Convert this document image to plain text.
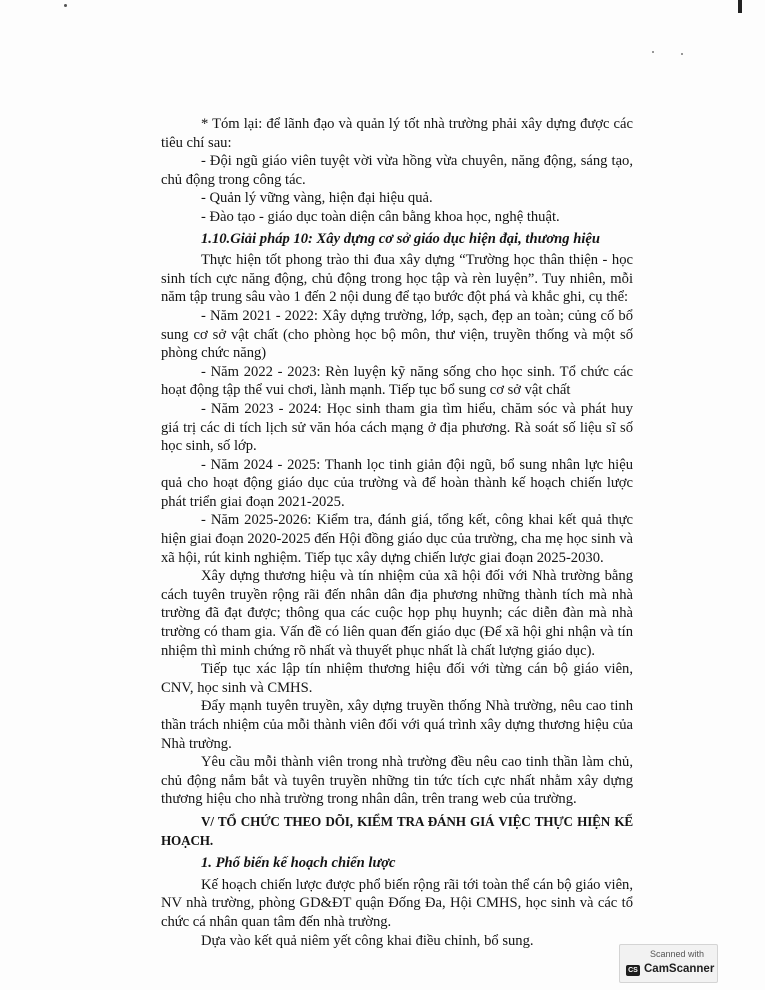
* Tóm lại: để lãnh đạo và quản lý tốt nhà trường phải xây dựng được các tiêu chí sau:

- Đội ngũ giáo viên tuyệt vời vừa hồng vừa chuyên, năng động, sáng tạo, chủ động trong công tác.

- Quản lý vững vàng, hiện đại hiệu quả.

- Đào tạo - giáo dục toàn diện cân bằng khoa học, nghệ thuật.

1.10.Giải pháp 10: Xây dựng cơ sở giáo dục hiện đại, thương hiệu

Thực hiện tốt phong trào thi đua xây dựng “Trường học thân thiện - học sinh tích cực năng động, chủ động trong học tập và rèn luyện”. Tuy nhiên, mỗi năm tập trung sâu vào 1 đến 2 nội dung để tạo bước đột phá và khắc ghi, cụ thể:

- Năm 2021 - 2022: Xây dựng trường, lớp, sạch, đẹp an toàn; củng cố bổ sung cơ sở vật chất (cho phòng học bộ môn, thư viện, truyền thống và một số phòng chức năng)

- Năm 2022 - 2023: Rèn luyện kỹ năng sống cho học sinh. Tổ chức các hoạt động tập thể vui chơi, lành mạnh. Tiếp tục bổ sung cơ sở vật chất

- Năm 2023 - 2024: Học sinh tham gia tìm hiểu, chăm sóc và phát huy giá trị các di tích lịch sử văn hóa cách mạng ở địa phương. Rà soát số liệu sĩ số học sinh, số lớp.

- Năm 2024 - 2025: Thanh lọc tinh giản đội ngũ, bổ sung nhân lực hiệu quả cho hoạt động giáo dục của trường và để hoàn thành kế hoạch chiến lược phát triển giai đoạn 2021-2025.

- Năm 2025-2026: Kiểm tra, đánh giá, tổng kết, công khai kết quả thực hiện giai đoạn 2020-2025 đến Hội đồng giáo dục của trường, cha mẹ học sinh và xã hội, rút kinh nghiệm. Tiếp tục xây dựng chiến lược giai đoạn 2025-2030.

Xây dựng thương hiệu và tín nhiệm của xã hội đối với Nhà trường bằng cách tuyên truyền rộng rãi đến nhân dân địa phương những thành tích mà nhà trường đã đạt được; thông qua các cuộc họp phụ huynh; các diễn đàn mà nhà trường có tham gia. Vấn đề có liên quan đến giáo dục (Để xã hội ghi nhận và tín nhiệm thì minh chứng rõ nhất và thuyết phục nhất là chất lượng giáo dục).

Tiếp tục xác lập tín nhiệm thương hiệu đối với từng cán bộ giáo viên, CNV, học sinh và CMHS.

Đẩy mạnh tuyên truyền, xây dựng truyền thống Nhà trường, nêu cao tinh thần trách nhiệm của mỗi thành viên đối với quá trình xây dựng thương hiệu của Nhà trường.

Yêu cầu mỗi thành viên trong nhà trường đều nêu cao tinh thần làm chủ, chủ động nắm bắt và tuyên truyền những tin tức tích cực nhất nhằm xây dựng thương hiệu cho nhà trường trong nhân dân, trên trang web của trường.

V/ TỔ CHỨC THEO DÕI, KIỂM TRA ĐÁNH GIÁ VIỆC THỰC HIỆN KẾ HOẠCH.

1. Phổ biến kế hoạch chiến lược

Kế hoạch chiến lược được phổ biến rộng rãi tới toàn thể cán bộ giáo viên, NV nhà trường, phòng GD&ĐT quận Đống Đa, Hội CMHS, học sinh và các tổ chức cá nhân quan tâm đến nhà trường.

Dựa vào kết quả niêm yết công khai điều chỉnh, bổ sung.

Scanned with
CS CamScanner
